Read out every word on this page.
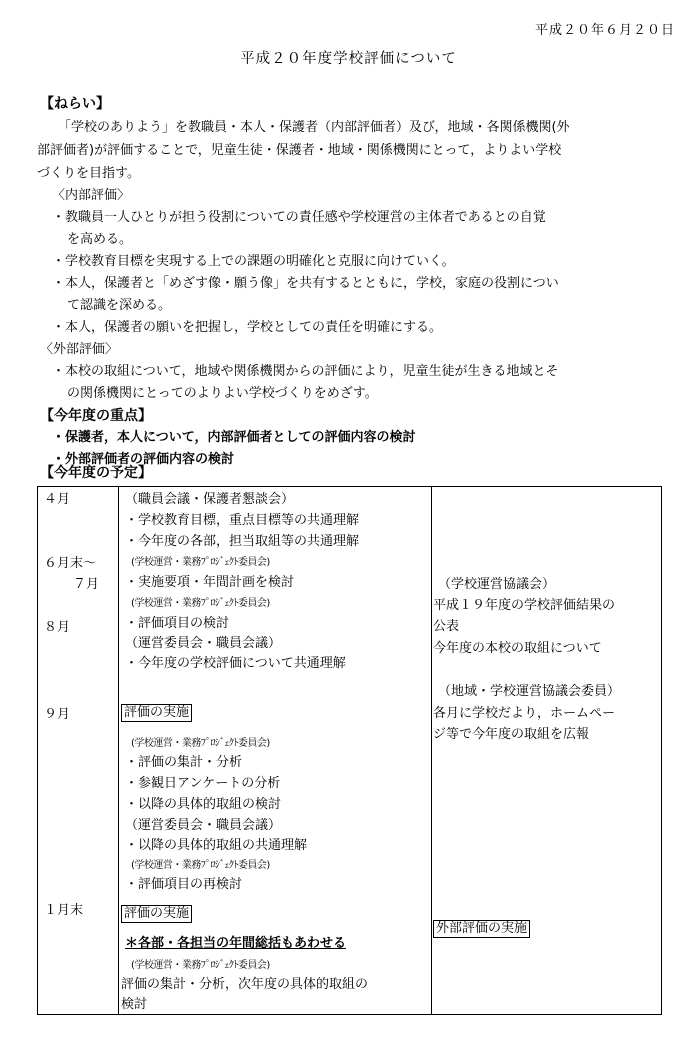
平成２０年６月２０日
平成２０年度学校評価について
【ねらい】
「学校のありよう」を教職員・本人・保護者（内部評価者）及び，地域・各関係機関(外
部評価者)が評価することで，児童生徒・保護者・地域・関係機関にとって，よりよい学校
づくりを目指す。
〈内部評価〉
・教職員一人ひとりが担う役割についての責任感や学校運営の主体者であるとの自覚
を高める。
・学校教育目標を実現する上での課題の明確化と克服に向けていく。
・本人，保護者と「めざす像・願う像」を共有するとともに，学校，家庭の役割につい
て認識を深める。
・本人，保護者の願いを把握し，学校としての責任を明確にする。
〈外部評価〉
・本校の取組について，地域や関係機関からの評価により，児童生徒が生きる地域とそ
の関係機関にとってのよりよい学校づくりをめざす。
【今年度の重点】
・保護者，本人について，内部評価者としての評価内容の検討
・外部評価者の評価内容の検討
【今年度の予定】
４月
６月末～
７月
８月
９月
１月末
（職員会議・保護者懇談会）
・学校教育目標，重点目標等の共通理解
・今年度の各部，担当取組等の共通理解
(学校運営・業務ﾌﾟﾛｼﾞｪｸﾄ委員会)
・実施要項・年間計画を検討
(学校運営・業務ﾌﾟﾛｼﾞｪｸﾄ委員会)
・評価項目の検討
（運営委員会・職員会議）
・今年度の学校評価について共通理解
評価の実施
(学校運営・業務ﾌﾟﾛｼﾞｪｸﾄ委員会)
・評価の集計・分析
・参観日アンケートの分析
・以降の具体的取組の検討
（運営委員会・職員会議）
・以降の具体的取組の共通理解
(学校運営・業務ﾌﾟﾛｼﾞｪｸﾄ委員会)
・評価項目の再検討
評価の実施
＊各部・各担当の年間総括もあわせる
(学校運営・業務ﾌﾟﾛｼﾞｪｸﾄ委員会)
評価の集計・分析，次年度の具体的取組の
検討
（学校運営協議会）
平成１９年度の学校評価結果の
公表
今年度の本校の取組について
（地域・学校運営協議会委員）
各月に学校だより，ホームペー
ジ等で今年度の取組を広報
外部評価の実施
